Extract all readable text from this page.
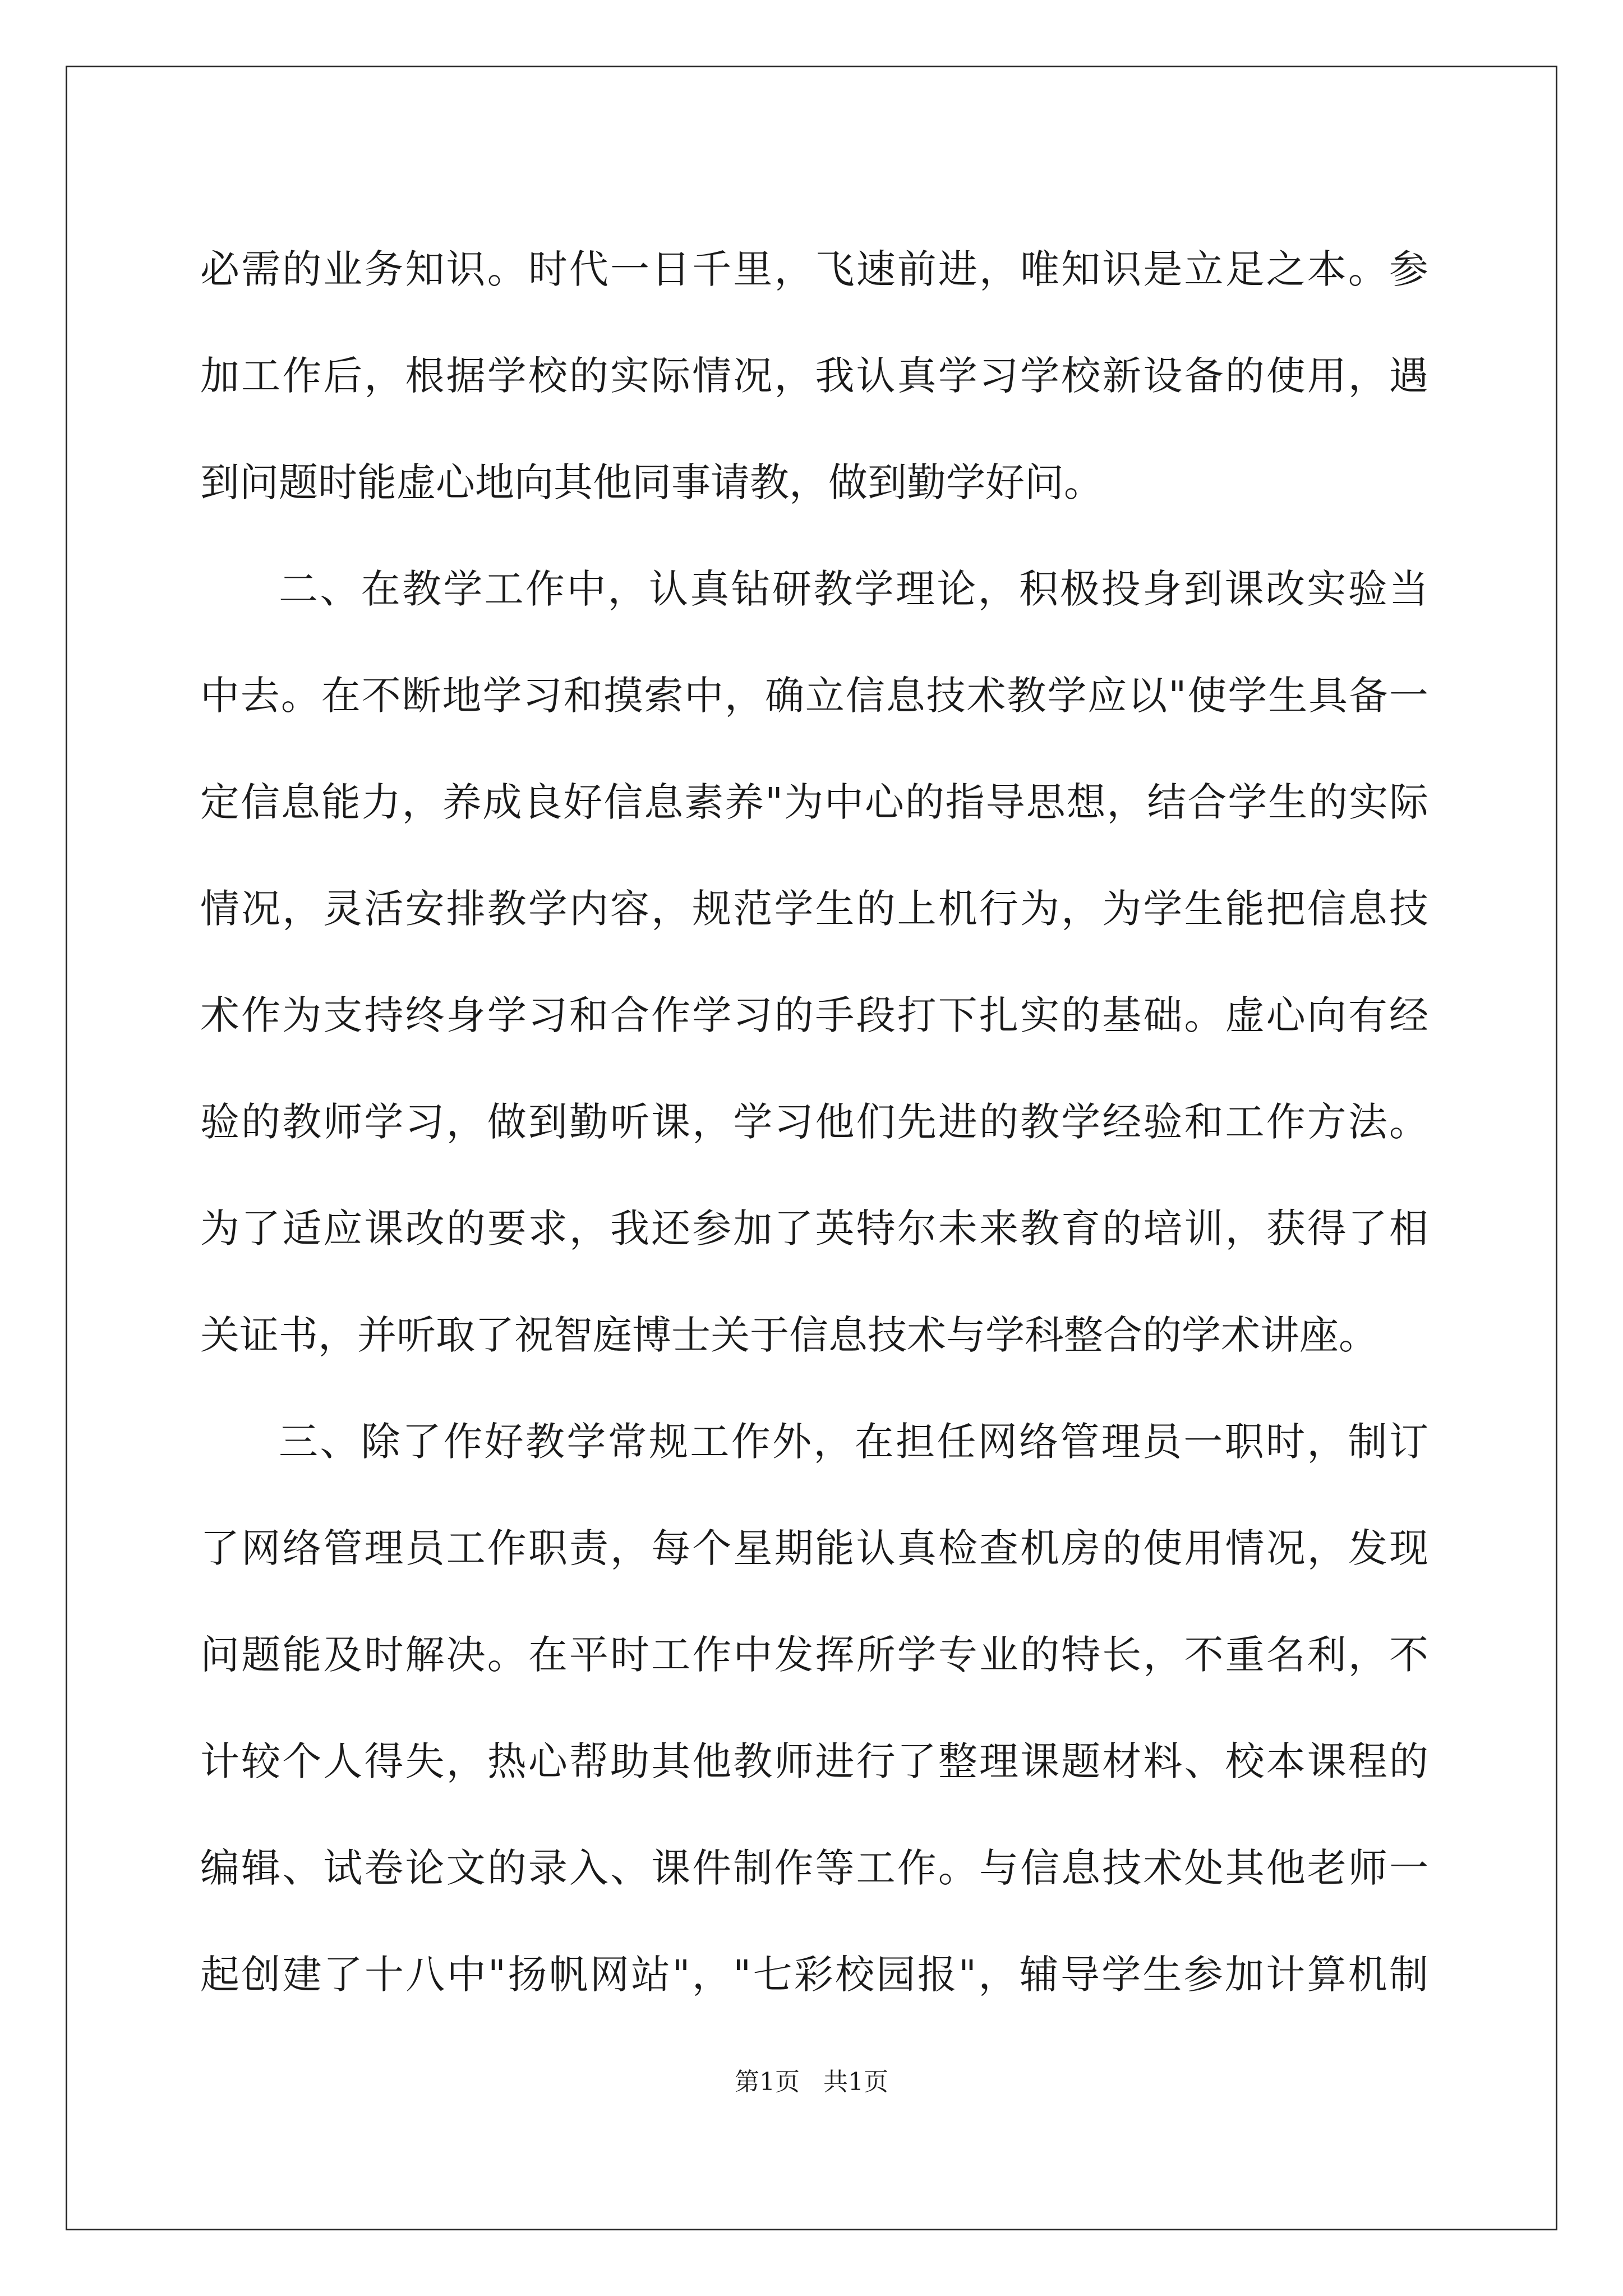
必需的业务知识。时代一日千里，飞速前进，唯知识是立足之本。参
加工作后，根据学校的实际情况，我认真学习学校新设备的使用，遇
到问题时能虚心地向其他同事请教，做到勤学好问。
二、在教学工作中，认真钻研教学理论，积极投身到课改实验当
中去。在不断地学习和摸索中，确立信息技术教学应以"使学生具备一
定信息能力，养成良好信息素养"为中心的指导思想，结合学生的实际
情况，灵活安排教学内容，规范学生的上机行为，为学生能把信息技
术作为支持终身学习和合作学习的手段打下扎实的基础。虚心向有经
验的教师学习，做到勤听课，学习他们先进的教学经验和工作方法。
为了适应课改的要求，我还参加了英特尔未来教育的培训，获得了相
关证书，并听取了祝智庭博士关于信息技术与学科整合的学术讲座。
三、除了作好教学常规工作外，在担任网络管理员一职时，制订
了网络管理员工作职责，每个星期能认真检查机房的使用情况，发现
问题能及时解决。在平时工作中发挥所学专业的特长，不重名利，不
计较个人得失，热心帮助其他教师进行了整理课题材料、校本课程的
编辑、试卷论文的录入、课件制作等工作。与信息技术处其他老师一
起创建了十八中"扬帆网站"，"七彩校园报"，辅导学生参加计算机制
第1页   共1页
